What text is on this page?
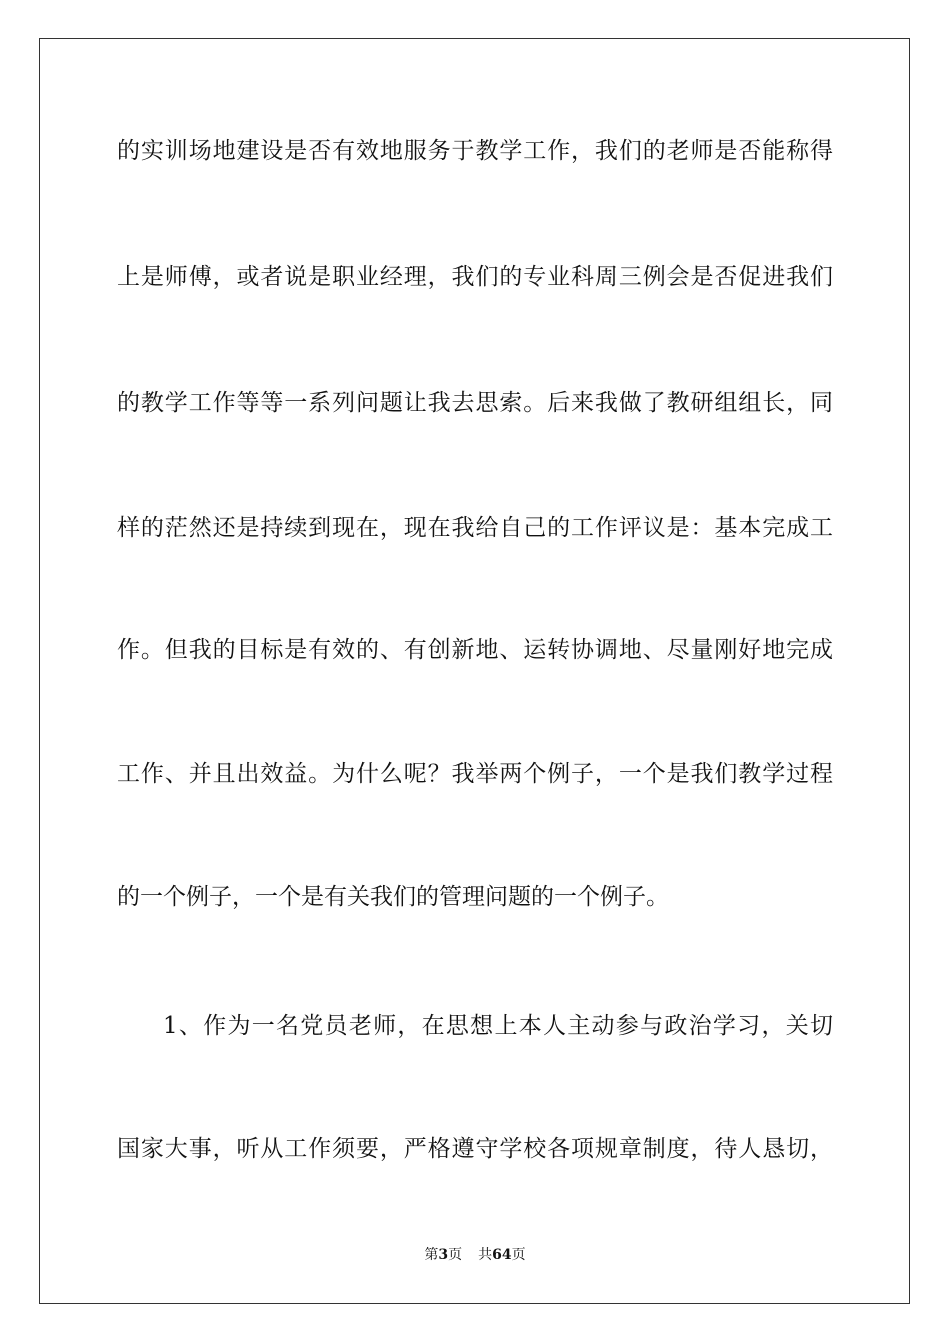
的实训场地建设是否有效地服务于教学工作，我们的老师是否能称得
上是师傅，或者说是职业经理，我们的专业科周三例会是否促进我们
的教学工作等等一系列问题让我去思索。后来我做了教研组组长，同
样的茫然还是持续到现在，现在我给自己的工作评议是：基本完成工
作。但我的目标是有效的、有创新地、运转协调地、尽量刚好地完成
工作、并且出效益。为什么呢？我举两个例子，一个是我们教学过程
的一个例子，一个是有关我们的管理问题的一个例子。
1、作为一名党员老师，在思想上本人主动参与政治学习，关切
国家大事，听从工作须要，严格遵守学校各项规章制度，待人恳切，
第3页 共64页
